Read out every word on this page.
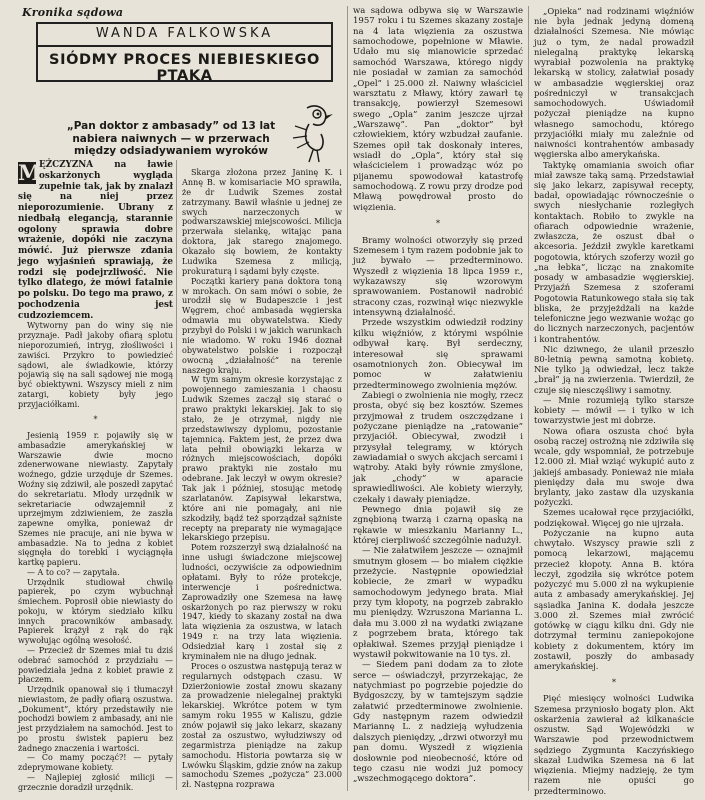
Kronika sądowa
WANDA FALKOWSKA
SIÓDMY PROCES NIEBIESKIEGO PTAKA
„Pan doktor z ambasady” od 13 lat nabiera naiwnych — w przerwach między odsiadywaniem wyroków

M
ĘŻCZYZNA na ławie oskarżonych wygląda zupełnie tak, jak by znalazł się na niej przez nieporozumienie. Ubrany z niedbałą elegancją, starannie ogolony sprawia dobre wrażenie, dopóki nie zaczyna mówić. Już pierwsze zdania jego wyjaśnień sprawiają, że rodzi się podejrzliwość. Nie tylko dlatego, że mówi fatalnie po polsku. Do tego ma prawo, z pochodzenia jest cudzoziemcem.

Wytworny pan do winy się nie przyznaje. Padł jakoby ofiarą splotu nieporozumień, intryg, złośliwości i zawiści. Przykro to powiedzieć sądowi, ale świadkowie, którzy pojawią się na sali sądowej nie mogą być obiektywni. Wszyscy mieli z nim zatargi, kobiety były jego przyjaciółkami.

*

Jesienią 1959 r. pojawiły się w ambasadzie amerykańskiej w Warszawie dwie mocno zdenerwowane niewiasty. Zapytały woźnego, gdzie urzęduje dr Szemes. Woźny się zdziwił, ale poszedł zapytać do sekretariatu. Młody urzędnik w sekretariacie odwzajemnił z uprzejmym zdziwieniem, że zaszła zapewne omyłka, ponieważ dr Szemes nie pracuje, ani nie bywa w ambasadzie. Na to jedna z kobiet sięgnęła do torebki i wyciągnęła kartkę papieru.

— A to co? — zapytała.

Urzędnik studiował chwilę papierek, po czym wybuchnął śmiechem. Poprosił obie niewiasty do pokoju, w którym siedziało kilku innych pracowników ambasady. Papierek krążył z rąk do rąk wywołując ogólną wesołość.

— Przecież dr Szemes miał tu dziś odebrać samochód z przydziału — powiedziała jedna z kobiet prawie z płaczem.

Urzędnik opanował się i tłumaczył niewiastom, że padły ofiarą oszustwa. „Dokument”, który przedstawiły nie pochodzi bowiem z ambasady, ani nie jest przydziałem na samochód. Jest to po prostu świstek papieru bez żadnego znaczenia i wartości.

— Co mamy począć?! — pytały zdeprymowane kobiety.

— Najlepiej zgłosić milicji — grzecznie doradził urzędnik.

Skarga złożona przez Janinę K. i Annę B. w komisariacie MO sprawiła, że dr Ludwik Szemes został zatrzymany. Bawił właśnie u jednej ze swych narzeczonych w podwarszawskiej miejscowości. Milicja przerwała sielankę, witając pana doktora, jak starego znajomego. Okazało się bowiem, że kontakty Ludwika Szemesa z milicją, prokuraturą i sądami były częste.

Początki kariery pana doktora toną w mrokach. On sam mówi o sobie, że urodził się w Budapeszcie i jest Węgrem, choć ambasada węgierska odmawia mu obywatelstwa. Kiedy przybył do Polski i w jakich warunkach nie wiadomo. W roku 1946 doznał obywatelstwo polskie i rozpoczął owocną „działalność” na terenie naszego kraju.

W tym samym okresie korzystając z powojennego zamieszania i chaosu Ludwik Szemes zaczął się starać o prawo praktyki lekarskiej. Jak to się stało, że je otrzymał, nigdy nie przedstawiwszy dyplomu, pozostanie tajemnicą. Faktem jest, że przez dwa lata pełnił obowiązki lekarza w różnych miejscowościach, dopóki prawo praktyki nie zostało mu odebrane. Jak leczył w owym okresie? Tak jak i później, stosując metodę szarlatanów. Zapisywał lekarstwa, które ani nie pomagały, ani nie szkodziły, bądź też sporządzał sążniste recepty na preparaty nie wymagające lekarskiego przepisu.

Potem rozszerzył swą działalność na inne usługi świadczone miejscowej ludności, oczywiście za odpowiednim opłatami. Były to róże protekcje, interwencje i pośrednictwa. Zaprowadziły one Szemesa na ławę oskarżonych po raz pierwszy w roku 1947, kiedy to skazany został na dwa lata więzienia za oszustwa, w latach 1949 r. na trzy lata więzienia. Odsiedział karę i został się z kryminałem nie na długo jednak.

Proces o oszustwa następują teraz w regularnych odstępach czasu. W Dzierżoniowie został znowu skazany za prowadzenie nielegalnej praktyki lekarskiej. Wkrótce potem w tym samym roku 1955 w Kaliszu, gdzie znów pojawił się jako lekarz, skazany został za oszustwo, wyłudziwszy od zegarmistrza pieniądze na zakup samochodu. Historia powtarza się w Lwówku Śląskim, gdzie znów na zakup samochodu Szemes „pożycza” 23.000 zł. Następna rozprawa

wa sądowa odbywa się w Warszawie 1957 roku i tu Szemes skazany zostaje na 4 lata więzienia za oszustwa samochodowe, popełnione w Mławie. Udało mu się mianowicie sprzedać samochód Warszawa, którego nigdy nie posiadał w zamian za samochód „Opel” i 25.000 zł. Naiwny właściciel warsztatu z Mławy, który zawarł tę transakcję, powierzył Szemesowi swego „Opla” zanim jeszcze ujrzał „Warszawę”. Pan „doktor” był człowiekiem, który wzbudzał zaufanie. Szemes opił tak doskonały interes, wsiadł do „Opla”, który stał się właścicielem i prowadząc wóz po pijanemu spowodował katastrofę samochodową. Z rowu przy drodze pod Mławą powędrował prosto do więzienia.

*

Bramy wolności otworzyły się przed Szemesem i tym razem podobnie jak to już bywało — przedterminowo. Wyszedł z więzienia 18 lipca 1959 r., wykazawszy się wzorowym sprawowaniem. Postanowił nadrobić stracony czas, rozwinął więc niezwykle intensywną działalność.

Przede wszystkim odwiedził rodziny kilku więźniów, z którymi wspólnie odbywał karę. Był serdeczny, interesował się sprawami osamotnionych żon. Obiecywał im pomoc w załatwieniu przedterminowego zwolnienia mężów.

Zabiegi o zwolnienia nie mogły, rzecz prosta, obyć się bez kosztów. Szemes przyjmował z trudem oszczędzane i pożyczane pieniądze na „ratowanie” przyjaciół. Obiecywał, zwodził i przysyłał telegramy, w których zawiadamiał o swych akcjach sercami i wątroby. Ataki były równie zmyślone, jak „chody” w aparacie sprawiedliwości. Ale kobiety wierzyły, czekały i dawały pieniądze.

Pewnego dnia pojawił się ze zgnębioną twarzą i czarną opaską na rękawie w mieszkaniu Marianny L., której cierpliwość szczególnie nadużył.

— Nie załatwiłem jeszcze — oznajmił smutnym głosem — bo miałem ciężkie przeżycie. Następnie opowiedział kobiecie, że zmarł w wypadku samochodowym jedynego brata. Miał przy tym kłopoty, na pogrzeb zabrakło mu pieniędzy. Wzruszona Marianna L. dała mu 3.000 zł na wydatki związane z pogrzebem brata, którego tak opłakiwał. Szemes przyjął pieniądze i wystawił pokwitowanie na 10 tys. zł.

— Siedem pani dodam za to złote serce — oświadczył, przyrzekając, że natychmiast po pogrzebie pojedzie do Bydgoszczy, by w tamtejszym sądzie załatwić przedterminowe zwolnienie. Gdy następnym razem odwiedził Mariannę L. z nadzieją wyłudzenia dalszych pieniędzy, „drzwi otworzył mu pan domu. Wyszedł z więzienia dosłownie pod nieobecność, które od tego czasu nie wodzi już pomocy „wszechmogącego doktora”.

„Opieka” nad rodzinami więźniów nie była jednak jedyną domeną działalności Szemesa. Nie mówiąc już o tym, że nadal prowadził nielegalną praktykę lekarską wyrabiał pozwolenia na praktykę lekarską w stolicy, załatwiał posady w ambasadzie węgierskiej oraz pośredniczył w transakcjach samochodowych. Uświadomił pożyczał pieniądze na kupno własnego samochodu, którego przyjaciółki miały mu zaleźnie od naiwności kontrahentów ambasady węgierska albo amerykańska.

Taktykę omamiania swoich ofiar miał zawsze taką samą. Przedstawiał się jako lekarz, zapisywał recepty, badał, opowiadając równocześnie o swych niesłychanie rozległych kontaktach. Robiło to zwykle na ofiarach odpowiednie wrażenie, zwłaszcza, że oszust dbał o akcesoria. Jeździł zwykle karetkami pogotowia, których szoferzy woził go „na łebka”, licząc na znakomite posady w ambasadzie węgierskiej. Przyjaźń Szemesa z szoferami Pogotowia Ratunkowego stała się tak bliska, że przyjeżdżali na każde telefoniczne jego wezwanie wożąc go do licznych narzeczonych, pacjentów i kontrahentów.

Nic dziwnego, że ulanił przeszło 80-letnią pewną samotną kobietę. Nie tylko ją odwiedzał, lecz także „brał” ją na zwierzenia. Twierdził, że czuje się niesczęśliwy i samotny.

— Mnie rozumieją tylko starsze kobiety — mówił — i tylko w ich towarzystwie jest mi dobrze.

Nowa ofiara oszusta choć była osobą raczej ostrożną nie zdziwiła się wcale, gdy wspomniał, że potrzebuje 12.000 zł. Miał wziąć wykupić auto z jakiejś ambasady. Ponieważ nie miała pieniędzy dała mu swoje dwa brylanty, jako zastaw dla uzyskania pożyczki.

Szemes ucałował ręce przyjaciółki, podziękował. Więcej go nie ujrzała.

Pożyczanie na kupno auta chwytało. Wszyscy prawie szli z pomocą lekarzowi, mającemu przecież kłopoty. Anna B. która leczył, zgodziła się wkrótce potem pożyczyć mu 5.000 zł na wykupienie auta z ambasady amerykańskiej. Jej sąsiadka Janina K. dodała jeszcze 3.000 zł. Szemes miał zwrócić gotówkę w ciągu kilku dni. Gdy nie dotrzymał terminu zaniepokojone kobiety z dokumentem, który im zostawił, poszły do ambasady amerykańskiej.

*

Pięć miesięcy wolności Ludwika Szemesa przyniosło bogaty plon. Akt oskarżenia zawierał aż kilkanaście oszustw. Sąd Wojewódzki w Warszawie pod przewodnictwem sędziego Zygmunta Kaczyńskiego skazał Ludwika Szemesa na 6 lat więzienia. Miejmy nadzieję, że tym razem nie opuści go przedterminowo.
